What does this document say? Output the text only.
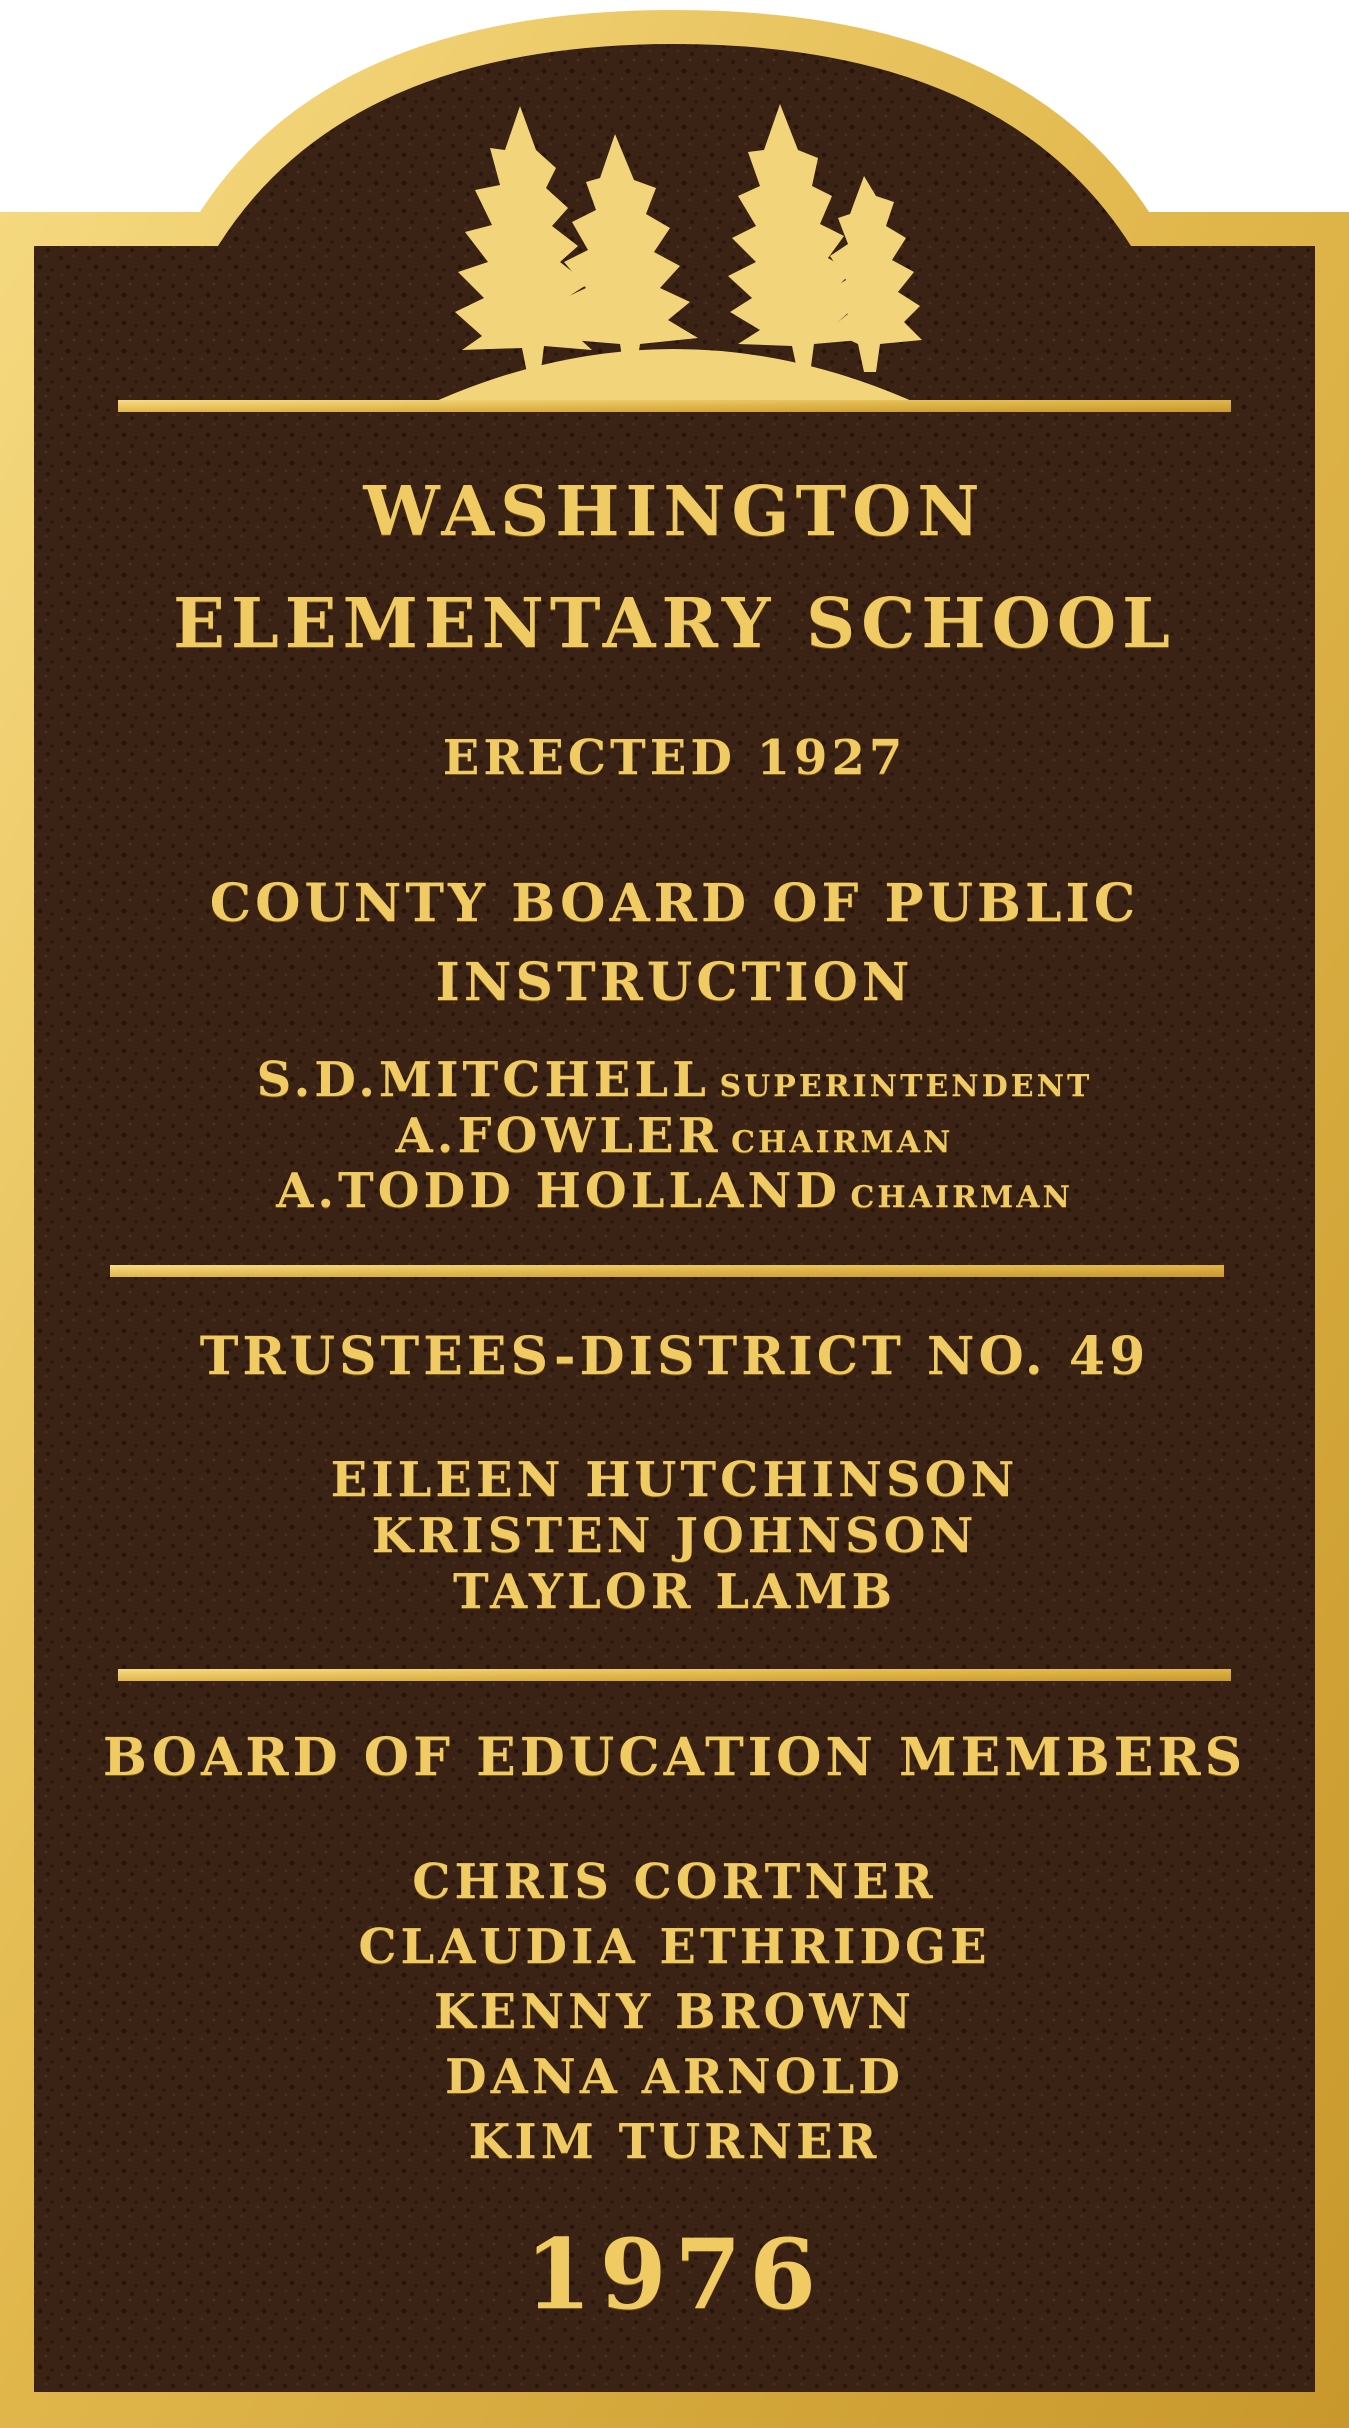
WASHINGTON
ELEMENTARY SCHOOL
ERECTED 1927
COUNTY BOARD OF PUBLIC
INSTRUCTION
S.D.MITCHELL SUPERINTENDENT
A.FOWLER CHAIRMAN
A.TODD HOLLAND CHAIRMAN
TRUSTEES-DISTRICT NO. 49
EILEEN HUTCHINSON
KRISTEN JOHNSON
TAYLOR LAMB
BOARD OF EDUCATION MEMBERS
CHRIS CORTNER
CLAUDIA ETHRIDGE
KENNY BROWN
DANA ARNOLD
KIM TURNER
1976
